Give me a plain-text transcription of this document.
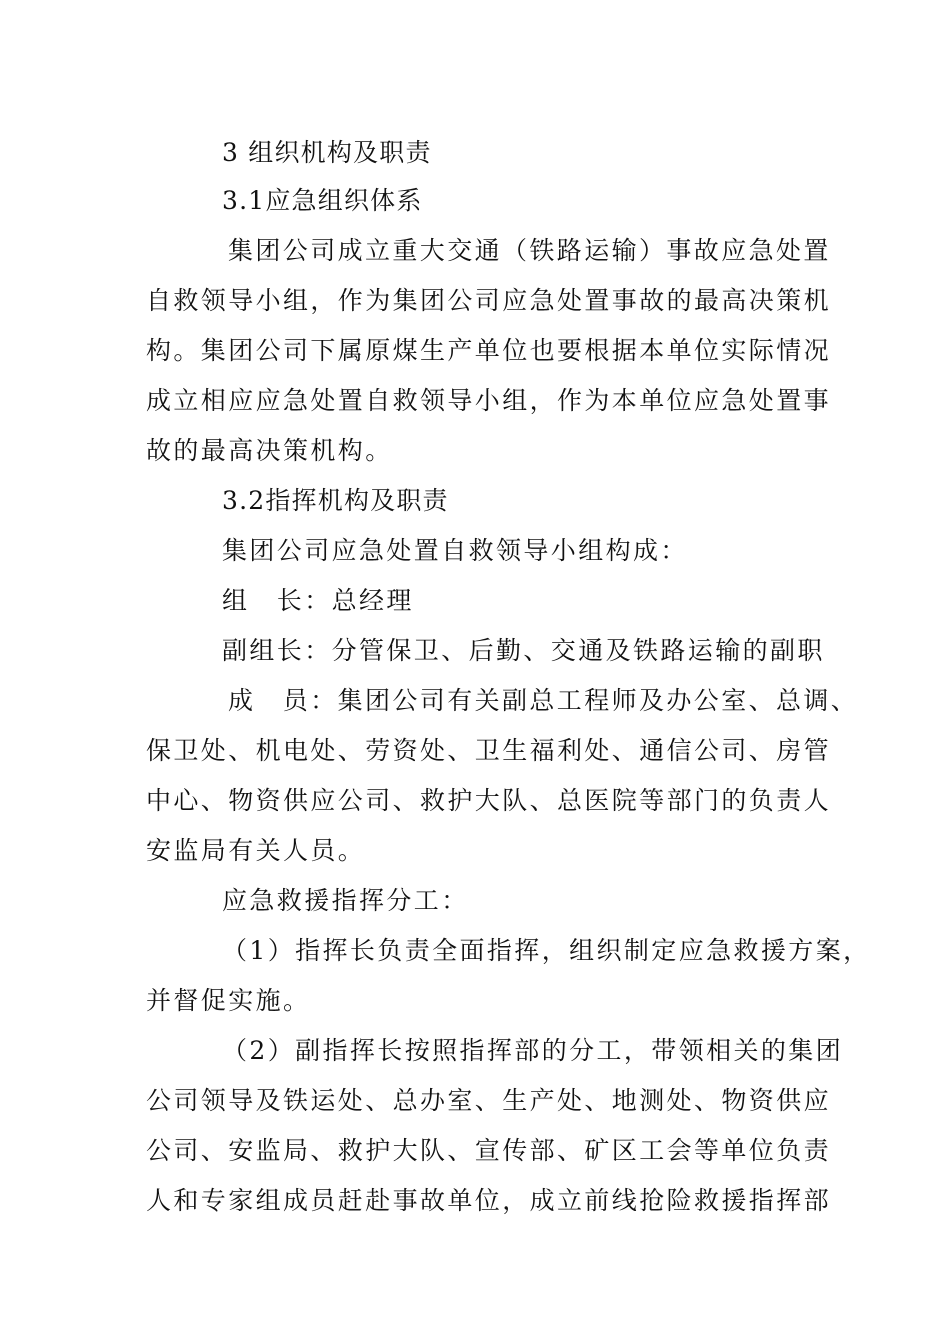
3 组织机构及职责
3.1应急组织体系
集团公司成立重大交通（铁路运输）事故应急处置
自救领导小组，作为集团公司应急处置事故的最高决策机
构。集团公司下属原煤生产单位也要根据本单位实际情况
成立相应应急处置自救领导小组，作为本单位应急处置事
故的最高决策机构。
3.2指挥机构及职责
集团公司应急处置自救领导小组构成：
组　长：总经理
副组长：分管保卫、后勤、交通及铁路运输的副职
成　员：集团公司有关副总工程师及办公室、总调、
保卫处、机电处、劳资处、卫生福利处、通信公司、房管
中心、物资供应公司、救护大队、总医院等部门的负责人
安监局有关人员。
应急救援指挥分工：
（1）指挥长负责全面指挥，组织制定应急救援方案，
并督促实施。
（2）副指挥长按照指挥部的分工，带领相关的集团
公司领导及铁运处、总办室、生产处、地测处、物资供应
公司、安监局、救护大队、宣传部、矿区工会等单位负责
人和专家组成员赶赴事故单位，成立前线抢险救援指挥部
